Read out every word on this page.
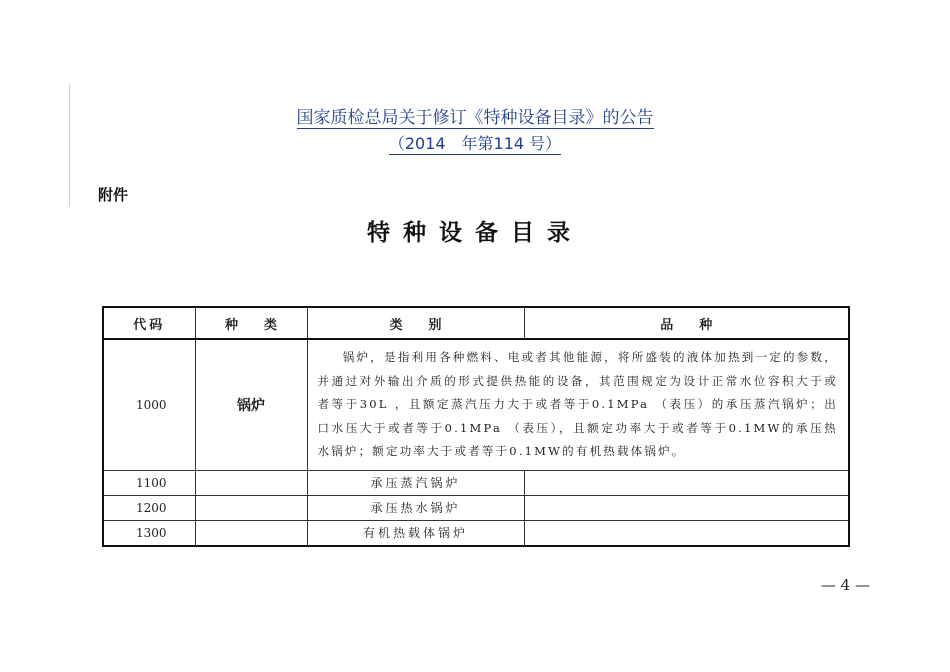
国家质检总局关于修订《特种设备目录》的公告
（2014　年第114 号）
附件
特种设备目录
代码	种　　类	类　　别	品　　种
1000	锅炉	锅炉，是指利用各种燃料、电或者其他能源，将所盛装的液体加热到一定的参数，并通过对外输出介质的形式提供热能的设备，其范围规定为设计正常水位容积大于或者等于30L ，且额定蒸汽压力大于或者等于0.1MPa （表压）的承压蒸汽锅炉；出口水压大于或者等于0.1MPa （表压），且额定功率大于或者等于0.1MW的承压热水锅炉；额定功率大于或者等于0.1MW的有机热载体锅炉。	
1100		承压蒸汽锅炉	
1200		承压热水锅炉	
1300		有机热载体锅炉	
— 4 —
